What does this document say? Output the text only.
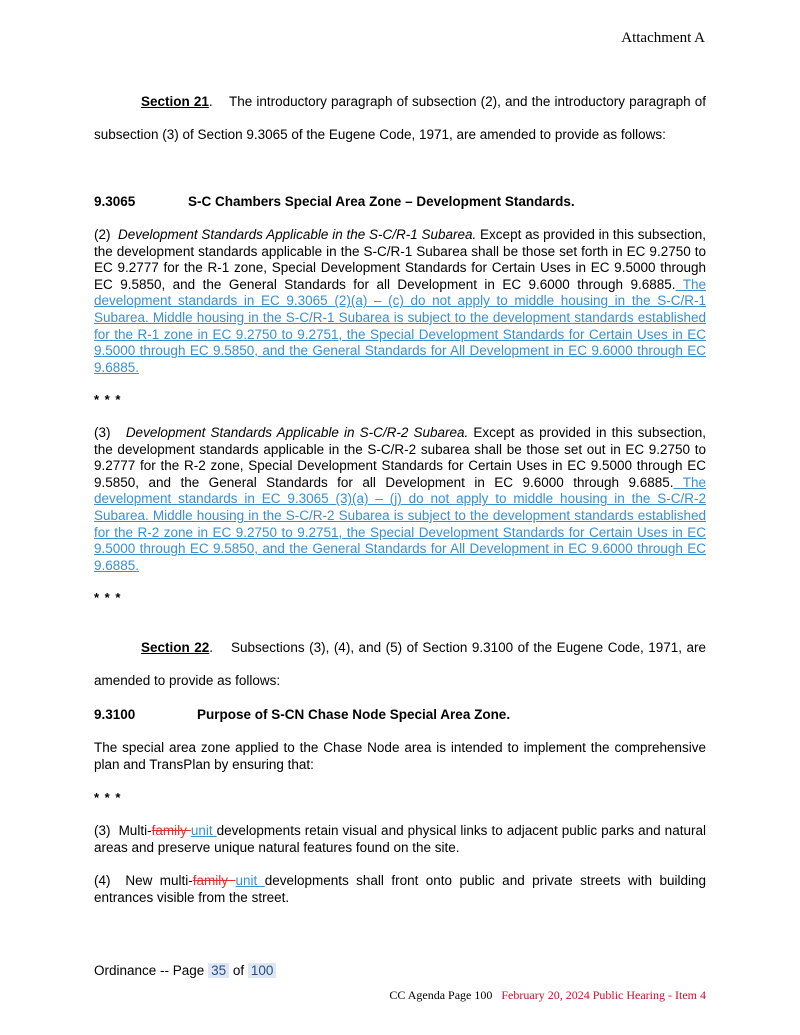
Attachment A
Section 21. The introductory paragraph of subsection (2), and the introductory paragraph of subsection (3) of Section 9.3065 of the Eugene Code, 1971, are amended to provide as follows:
9.3065	S-C Chambers Special Area Zone – Development Standards.
(2) Development Standards Applicable in the S-C/R-1 Subarea. Except as provided in this subsection, the development standards applicable in the S-C/R-1 Subarea shall be those set forth in EC 9.2750 to EC 9.2777 for the R-1 zone, Special Development Standards for Certain Uses in EC 9.5000 through EC 9.5850, and the General Standards for all Development in EC 9.6000 through 9.6885. The development standards in EC 9.3065 (2)(a) – (c) do not apply to middle housing in the S-C/R-1 Subarea. Middle housing in the S-C/R-1 Subarea is subject to the development standards established for the R-1 zone in EC 9.2750 to 9.2751, the Special Development Standards for Certain Uses in EC 9.5000 through EC 9.5850, and the General Standards for All Development in EC 9.6000 through EC 9.6885.
* * *
(3) Development Standards Applicable in S-C/R-2 Subarea. Except as provided in this subsection, the development standards applicable in the S-C/R-2 subarea shall be those set out in EC 9.2750 to 9.2777 for the R-2 zone, Special Development Standards for Certain Uses in EC 9.5000 through EC 9.5850, and the General Standards for all Development in EC 9.6000 through 9.6885. The development standards in EC 9.3065 (3)(a) – (j) do not apply to middle housing in the S-C/R-2 Subarea. Middle housing in the S-C/R-2 Subarea is subject to the development standards established for the R-2 zone in EC 9.2750 to 9.2751, the Special Development Standards for Certain Uses in EC 9.5000 through EC 9.5850, and the General Standards for All Development in EC 9.6000 through EC 9.6885.
* * *
Section 22. Subsections (3), (4), and (5) of Section 9.3100 of the Eugene Code, 1971, are amended to provide as follows:
9.3100	Purpose of S-CN Chase Node Special Area Zone.
The special area zone applied to the Chase Node area is intended to implement the comprehensive plan and TransPlan by ensuring that:
* * *
(3) Multi-family unit developments retain visual and physical links to adjacent public parks and natural areas and preserve unique natural features found on the site.
(4) New multi-family unit developments shall front onto public and private streets with building entrances visible from the street.
Ordinance -- Page 35 of 100
CC Agenda Page 100 February 20, 2024 Public Hearing - Item 4
